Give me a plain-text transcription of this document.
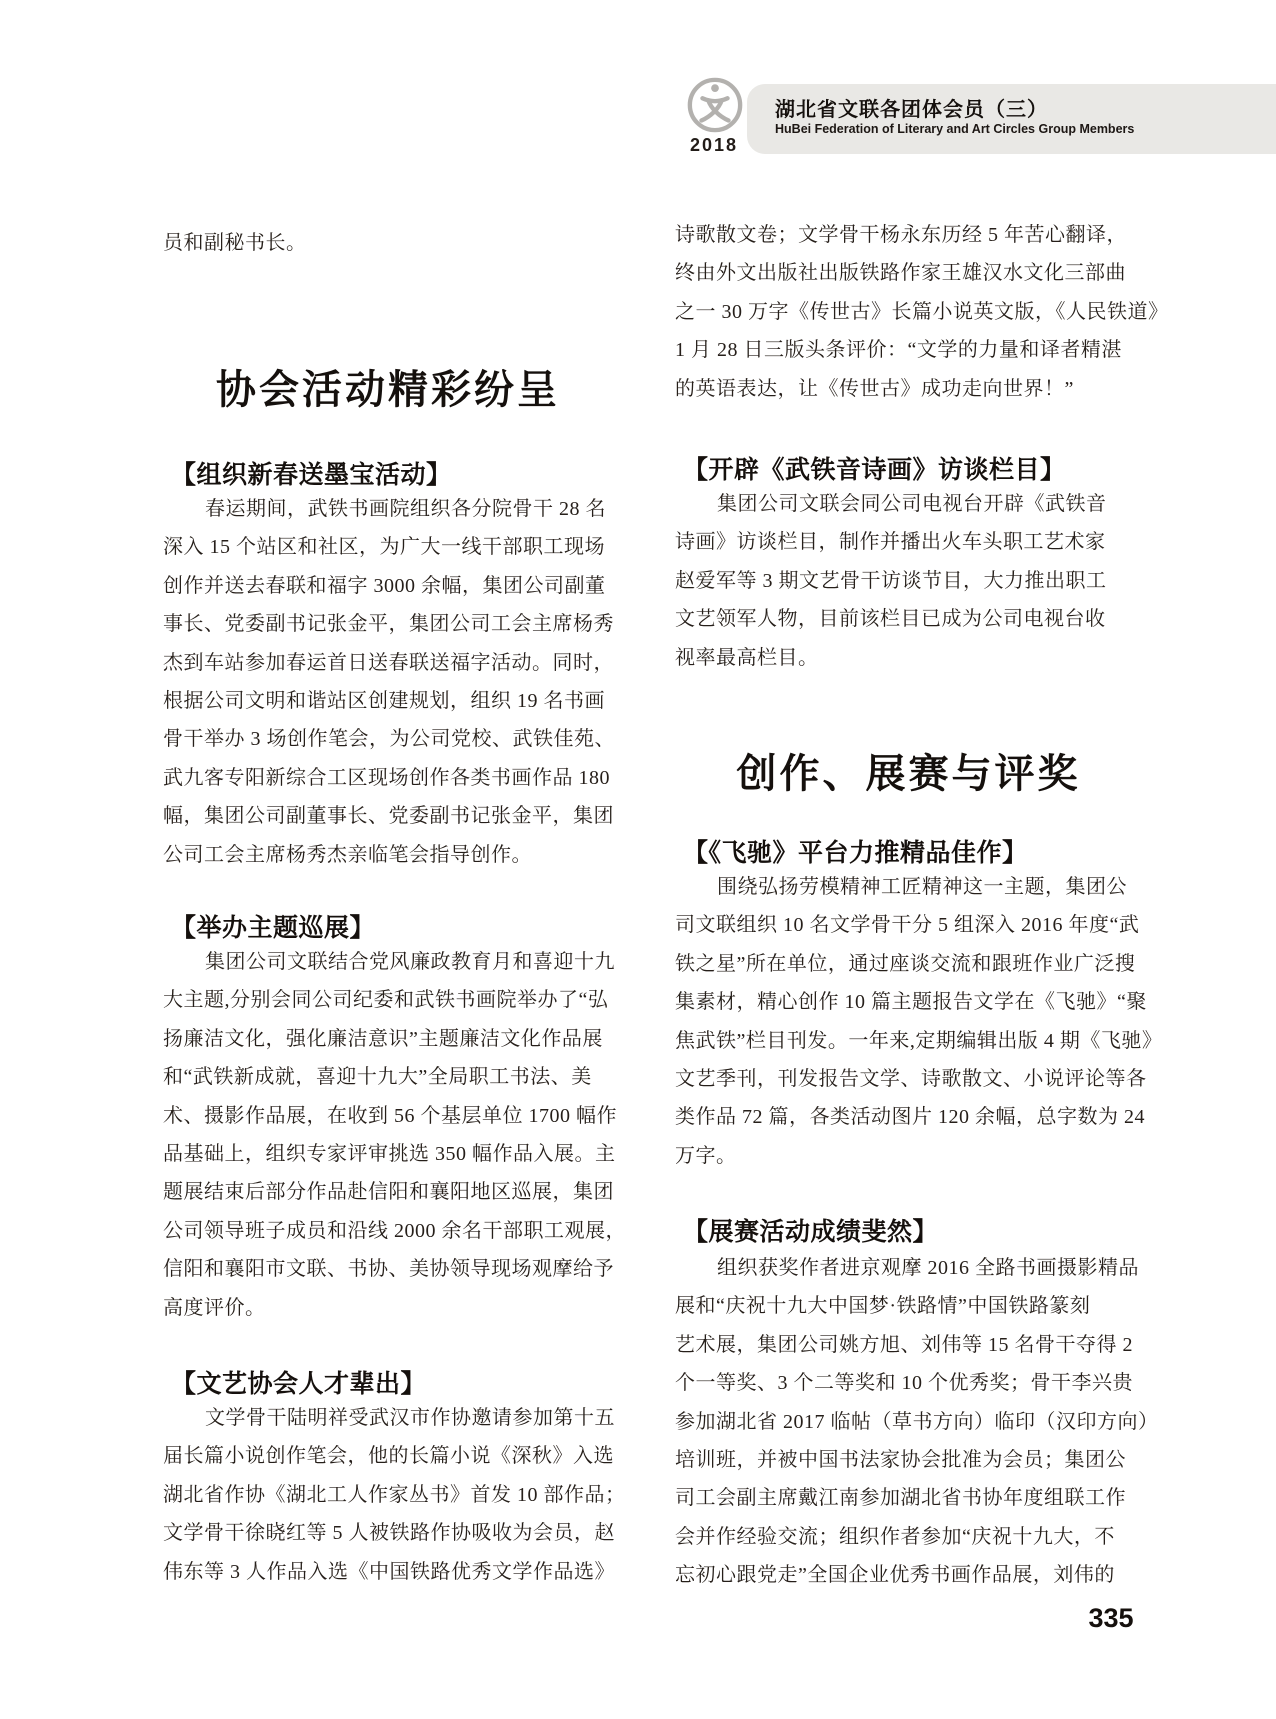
2018
湖北省文联各团体会员（三）
HuBei Federation of Literary and Art Circles Group Members
员和副秘书长。
协会活动精彩纷呈
【组织新春送墨宝活动】
春运期间，武铁书画院组织各分院骨干 28 名
深入 15 个站区和社区，为广大一线干部职工现场
创作并送去春联和福字 3000 余幅，集团公司副董
事长、党委副书记张金平，集团公司工会主席杨秀
杰到车站参加春运首日送春联送福字活动。同时，
根据公司文明和谐站区创建规划，组织 19 名书画
骨干举办 3 场创作笔会，为公司党校、武铁佳苑、
武九客专阳新综合工区现场创作各类书画作品 180
幅，集团公司副董事长、党委副书记张金平，集团
公司工会主席杨秀杰亲临笔会指导创作。
【举办主题巡展】
集团公司文联结合党风廉政教育月和喜迎十九
大主题,分别会同公司纪委和武铁书画院举办了“弘
扬廉洁文化，强化廉洁意识”主题廉洁文化作品展
和“武铁新成就，喜迎十九大”全局职工书法、美
术、摄影作品展，在收到 56 个基层单位 1700 幅作
品基础上，组织专家评审挑选 350 幅作品入展。主
题展结束后部分作品赴信阳和襄阳地区巡展，集团
公司领导班子成员和沿线 2000 余名干部职工观展，
信阳和襄阳市文联、书协、美协领导现场观摩给予
高度评价。
【文艺协会人才辈出】
文学骨干陆明祥受武汉市作协邀请参加第十五
届长篇小说创作笔会，他的长篇小说《深秋》入选
湖北省作协《湖北工人作家丛书》首发 10 部作品；
文学骨干徐晓红等 5 人被铁路作协吸收为会员，赵
伟东等 3 人作品入选《中国铁路优秀文学作品选》
诗歌散文卷；文学骨干杨永东历经 5 年苦心翻译，
终由外文出版社出版铁路作家王雄汉水文化三部曲
之一 30 万字《传世古》长篇小说英文版，《人民铁道》
1 月 28 日三版头条评价：“文学的力量和译者精湛
的英语表达，让《传世古》成功走向世界！”
【开辟《武铁音诗画》访谈栏目】
集团公司文联会同公司电视台开辟《武铁音
诗画》访谈栏目，制作并播出火车头职工艺术家
赵爱军等 3 期文艺骨干访谈节目，大力推出职工
文艺领军人物，目前该栏目已成为公司电视台收
视率最高栏目。
创作、展赛与评奖
【《飞驰》平台力推精品佳作】
围绕弘扬劳模精神工匠精神这一主题，集团公
司文联组织 10 名文学骨干分 5 组深入 2016 年度“武
铁之星”所在单位，通过座谈交流和跟班作业广泛搜
集素材，精心创作 10 篇主题报告文学在《飞驰》“聚
焦武铁”栏目刊发。一年来,定期编辑出版 4 期《飞驰》
文艺季刊，刊发报告文学、诗歌散文、小说评论等各
类作品 72 篇，各类活动图片 120 余幅，总字数为 24
万字。
【展赛活动成绩斐然】
组织获奖作者进京观摩 2016 全路书画摄影精品
展和“庆祝十九大中国梦·铁路情”中国铁路篆刻
艺术展，集团公司姚方旭、刘伟等 15 名骨干夺得 2
个一等奖、3 个二等奖和 10 个优秀奖；骨干李兴贵
参加湖北省 2017 临帖（草书方向）临印（汉印方向）
培训班，并被中国书法家协会批准为会员；集团公
司工会副主席戴江南参加湖北省书协年度组联工作
会并作经验交流；组织作者参加“庆祝十九大，不
忘初心跟党走”全国企业优秀书画作品展，刘伟的
335
